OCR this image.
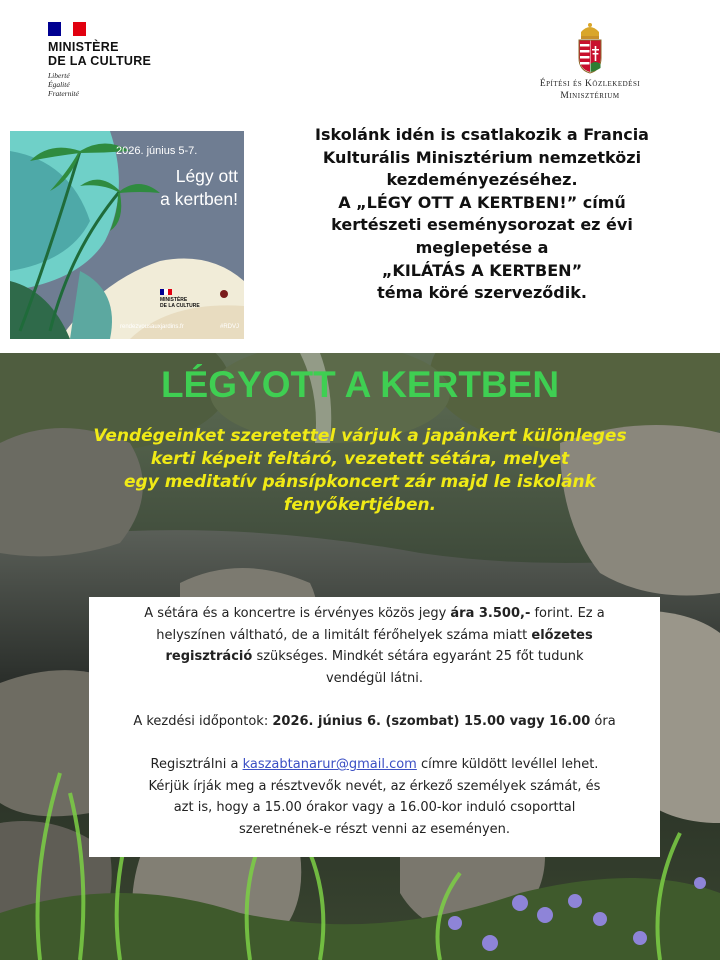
MINISTÈRE
DE LA CULTURE
Liberté
Égalité
Fraternité
Építési és Közlekedési
Minisztérium
2026. június 5-7.
Légy ott
a kertben!
MINISTÈRE
DE LA CULTURE
rendezvousauxjardins.fr	#RDVJ
Iskolánk idén is csatlakozik a Francia
Kulturális Minisztérium nemzetközi
kezdeményezéséhez.
A „LÉGY OTT A KERTBEN!” című
kertészeti eseménysorozat ez évi
meglepetése a
„KILÁTÁS A KERTBEN”
téma köré szerveződik.
LÉGYOTT A KERTBEN
Vendégeinket szeretettel várjuk a japánkert különleges
kerti képeit feltáró, vezetett sétára, melyet
egy meditatív pánsípkoncert zár majd le iskolánk
fenyőkertjében.
A sétára és a koncertre is érvényes közös jegy ára 3.500,- forint. Ez a
helyszínen váltható, de a limitált férőhelyek száma miatt előzetes
regisztráció szükséges. Mindkét sétára egyaránt 25 főt tudunk
vendégül látni.
A kezdési időpontok: 2026. június 6. (szombat) 15.00 vagy 16.00 óra
Regisztrálni a kaszabtanarur@gmail.com címre küldött levéllel lehet.
Kérjük írják meg a résztvevők nevét, az érkező személyek számát, és
azt is, hogy a 15.00 órakor vagy a 16.00-kor induló csoporttal
szeretnének-e részt venni az eseményen.
